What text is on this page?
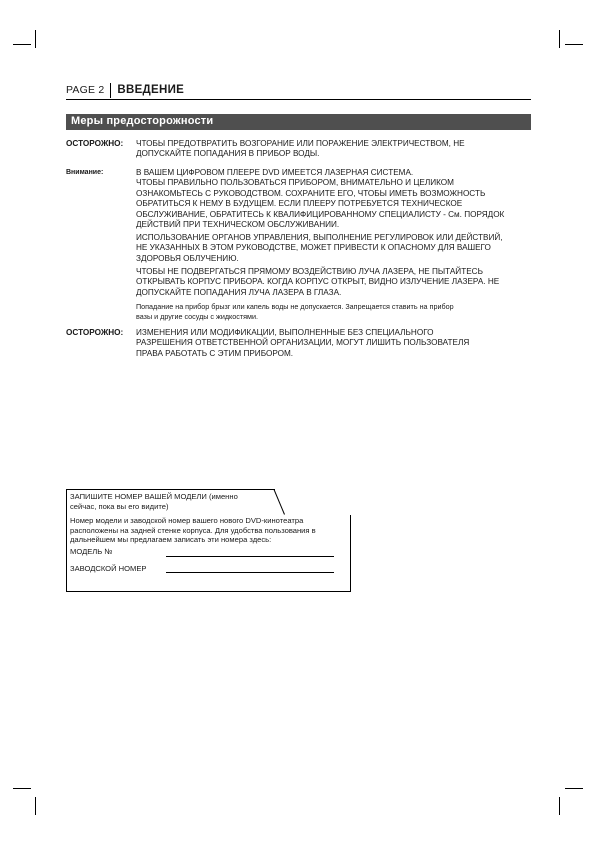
PAGE 2 ВВЕДЕНИЕ
Меры предосторожности
ОСТОРОЖНО: ЧТОБЫ ПРЕДОТВРАТИТЬ ВОЗГОРАНИЕ ИЛИ ПОРАЖЕНИЕ ЭЛЕКТРИЧЕСТВОМ, НЕ
ДОПУСКАЙТЕ ПОПАДАНИЯ В ПРИБОР ВОДЫ.
Внимание:	В ВАШЕМ ЦИФРОВОМ ПЛЕЕРЕ DVD ИМЕЕТСЯ ЛАЗЕРНАЯ СИСТЕМА.
ЧТОБЫ ПРАВИЛЬНО ПОЛЬЗОВАТЬСЯ ПРИБОРОМ, ВНИМАТЕЛЬНО И ЦЕЛИКОМ
ОЗНАКОМЬТЕСЬ С РУКОВОДСТВОМ. СОХРАНИТЕ ЕГО, ЧТОБЫ ИМЕТЬ ВОЗМОЖНОСТЬ
ОБРАТИТЬСЯ К НЕМУ В БУДУЩЕМ. ЕСЛИ ПЛЕЕРУ ПОТРЕБУЕТСЯ ТЕХНИЧЕСКОЕ
ОБСЛУЖИВАНИЕ, ОБРАТИТЕСЬ К КВАЛИФИЦИРОВАННОМУ СПЕЦИАЛИСТУ - См. ПОРЯДОК
ДЕЙСТВИЙ ПРИ ТЕХНИЧЕСКОМ ОБСЛУЖИВАНИИ.
ИСПОЛЬЗОВАНИЕ ОРГАНОВ УПРАВЛЕНИЯ, ВЫПОЛНЕНИЕ РЕГУЛИРОВОК ИЛИ ДЕЙСТВИЙ,
НЕ УКАЗАННЫХ В ЭТОМ РУКОВОДСТВЕ, МОЖЕТ ПРИВЕСТИ К ОПАСНОМУ ДЛЯ ВАШЕГО
ЗДОРОВЬЯ ОБЛУЧЕНИЮ.
ЧТОБЫ НЕ ПОДВЕРГАТЬСЯ ПРЯМОМУ ВОЗДЕЙСТВИЮ ЛУЧА ЛАЗЕРА, НЕ ПЫТАЙТЕСЬ
ОТКРЫВАТЬ КОРПУС ПРИБОРА. КОГДА КОРПУС ОТКРЫТ, ВИДНО ИЗЛУЧЕНИЕ ЛАЗЕРА. НЕ
ДОПУСКАЙТЕ ПОПАДАНИЯ ЛУЧА ЛАЗЕРА В ГЛАЗА.
Попадание на прибор брызг или капель воды не допускается. Запрещается ставить на прибор
вазы и другие сосуды с жидкостями.
ОСТОРОЖНО: ИЗМЕНЕНИЯ ИЛИ МОДИФИКАЦИИ, ВЫПОЛНЕННЫЕ БЕЗ СПЕЦИАЛЬНОГО
РАЗРЕШЕНИЯ ОТВЕТСТВЕННОЙ ОРГАНИЗАЦИИ, МОГУТ ЛИШИТЬ ПОЛЬЗОВАТЕЛЯ
ПРАВА РАБОТАТЬ С ЭТИМ ПРИБОРОМ.
ЗАПИШИТЕ НОМЕР ВАШЕЙ МОДЕЛИ (именно
сейчас, пока вы его видите)
Номер модели и заводской номер вашего нового DVD-кинотеатра
расположены на задней стенке корпуса. Для удобства пользования в
дальнейшем мы предлагаем записать эти номера здесь:
МОДЕЛЬ №
ЗАВОДСКОЙ НОМЕР
